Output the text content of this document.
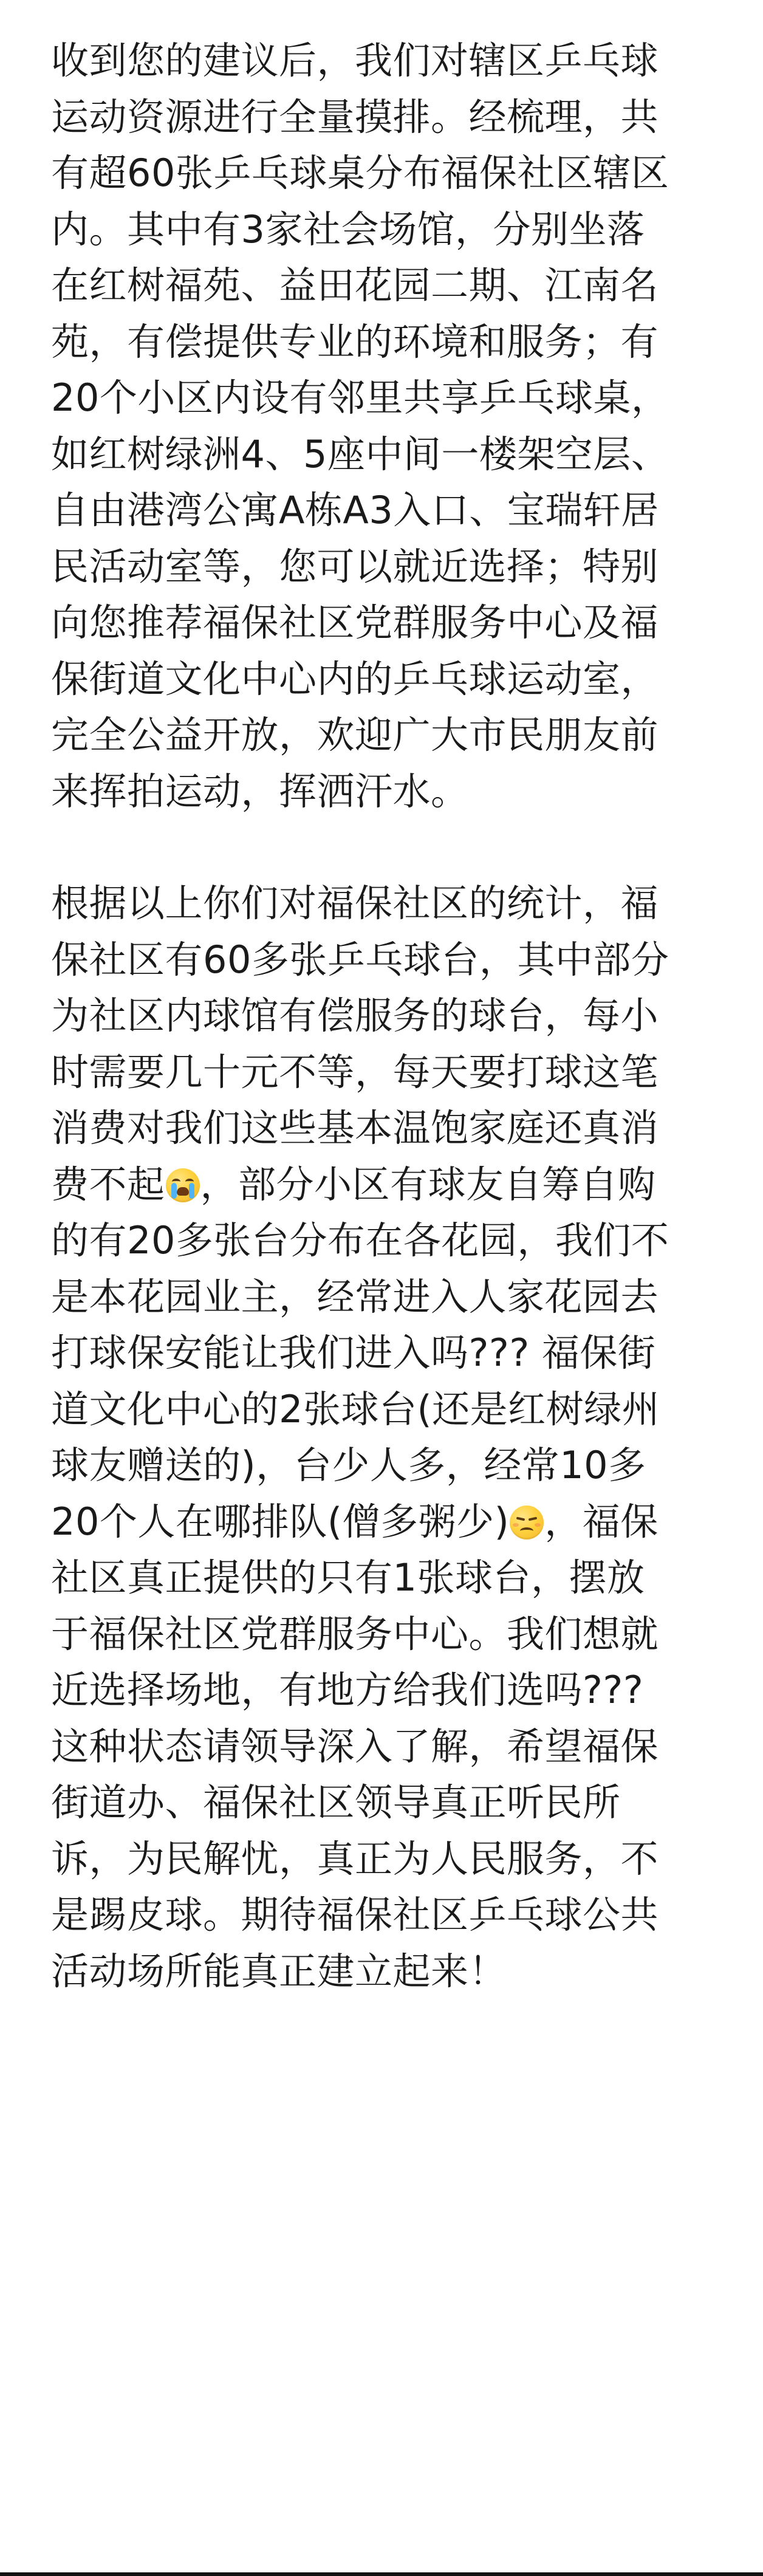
收到您的建议后，我们对辖区乒乓球
运动资源进行全量摸排。经梳理，共
有超60张乒乓球桌分布福保社区辖区
内。其中有3家社会场馆，分别坐落
在红树福苑、益田花园二期、江南名
苑，有偿提供专业的环境和服务；有
20个小区内设有邻里共享乒乓球桌，
如红树绿洲4、5座中间一楼架空层、
自由港湾公寓A栋A3入口、宝瑞轩居
民活动室等，您可以就近选择；特别
向您推荐福保社区党群服务中心及福
保街道文化中心内的乒乓球运动室，
完全公益开放，欢迎广大市民朋友前
来挥拍运动，挥洒汗水。
根据以上你们对福保社区的统计，福
保社区有60多张乒乓球台，其中部分
为社区内球馆有偿服务的球台，每小
时需要几十元不等，每天要打球这笔
消费对我们这些基本温饱家庭还真消
费不起 ，部分小区有球友自筹自购
的有20多张台分布在各花园，我们不
是本花园业主，经常进入人家花园去
打球保安能让我们进入吗??? 福保街
道文化中心的2张球台(还是红树绿州
球友赠送的)，台少人多，经常10多
20个人在哪排队(僧多粥少) ，福保
社区真正提供的只有1张球台，摆放
于福保社区党群服务中心。我们想就
近选择场地，有地方给我们选吗???
这种状态请领导深入了解，希望福保
街道办、福保社区领导真正听民所
诉，为民解忧，真正为人民服务，不
是踢皮球。期待福保社区乒乓球公共
活动场所能真正建立起来！
